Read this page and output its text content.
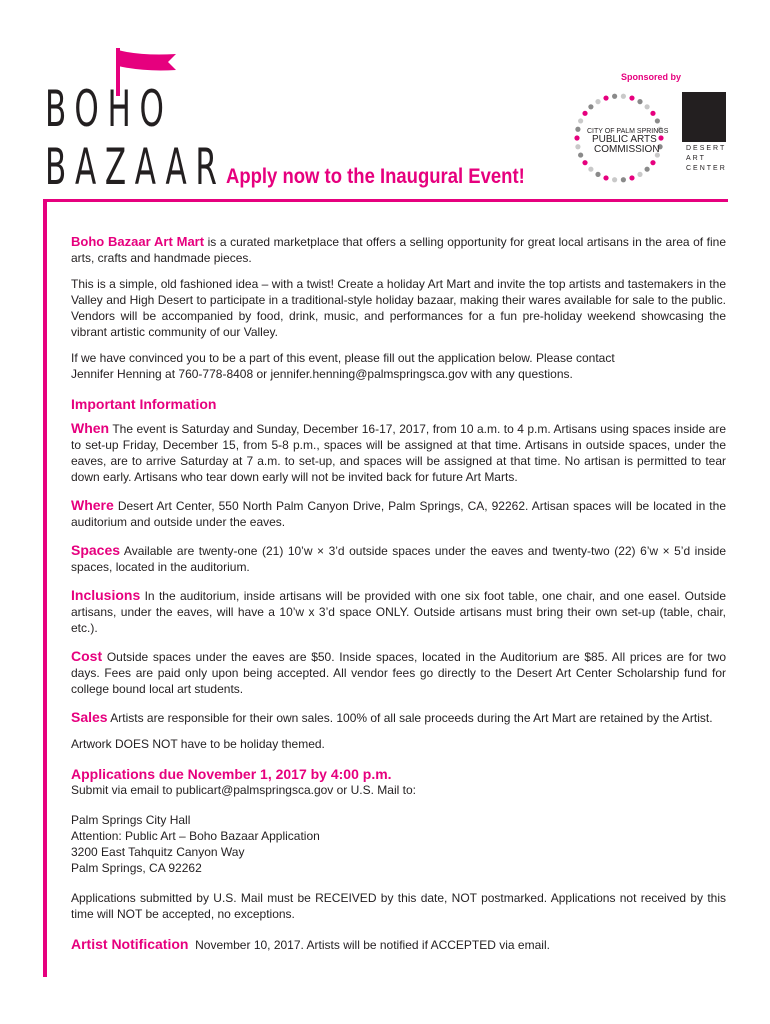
BOHO
BAZAAR Apply now to the Inaugural Event!
Sponsored by
CITY OF PALM SPRINGS
PUBLIC ARTS
COMMISSION	DESERT
ART
CENTER

Boho Bazaar Art Mart is a curated marketplace that offers a selling opportunity for great local artisans in the area of fine arts, crafts and handmade pieces.

This is a simple, old fashioned idea – with a twist! Create a holiday Art Mart and invite the top artists and tastemakers in the Valley and High Desert to participate in a traditional-style holiday bazaar, making their wares available for sale to the public. Vendors will be accompanied by food, drink, music, and performances for a fun pre-holiday weekend showcasing the vibrant artistic community of our Valley.

If we have convinced you to be a part of this event, please fill out the application below. Please contact

Jennifer Henning at 760-778-8408 or jennifer.henning@palmspringsca.gov with any questions.

Important Information

When The event is Saturday and Sunday, December 16-17, 2017, from 10 a.m. to 4 p.m. Artisans using spaces inside are to set-up Friday, December 15, from 5-8 p.m., spaces will be assigned at that time. Artisans in outside spaces, under the eaves, are to arrive Saturday at 7 a.m. to set-up, and spaces will be assigned at that time. No artisan is permitted to tear down early. Artisans who tear down early will not be invited back for future Art Marts.

Where Desert Art Center, 550 North Palm Canyon Drive, Palm Springs, CA, 92262. Artisan spaces will be located in the auditorium and outside under the eaves.

Spaces Available are twenty-one (21) 10’w × 3’d outside spaces under the eaves and twenty-two (22) 6’w × 5’d inside spaces, located in the auditorium.

Inclusions In the auditorium, inside artisans will be provided with one six foot table, one chair, and one easel. Outside artisans, under the eaves, will have a 10’w x 3’d space ONLY. Outside artisans must bring their own set-up (table, chair, etc.).

Cost Outside spaces under the eaves are $50. Inside spaces, located in the Auditorium are $85. All prices are for two days. Fees are paid only upon being accepted. All vendor fees go directly to the Desert Art Center Scholarship fund for college bound local art students.

Sales Artists are responsible for their own sales. 100% of all sale proceeds during the Art Mart are retained by the Artist.

Artwork DOES NOT have to be holiday themed.

Applications due November 1, 2017 by 4:00 p.m.

Submit via email to publicart@palmspringsca.gov or U.S. Mail to:

Palm Springs City Hall

Attention: Public Art – Boho Bazaar Application

3200 East Tahquitz Canyon Way

Palm Springs, CA 92262

Applications submitted by U.S. Mail must be RECEIVED by this date, NOT postmarked. Applications not received by this time will NOT be accepted, no exceptions.

Artist Notification November 10, 2017. Artists will be notified if ACCEPTED via email.
